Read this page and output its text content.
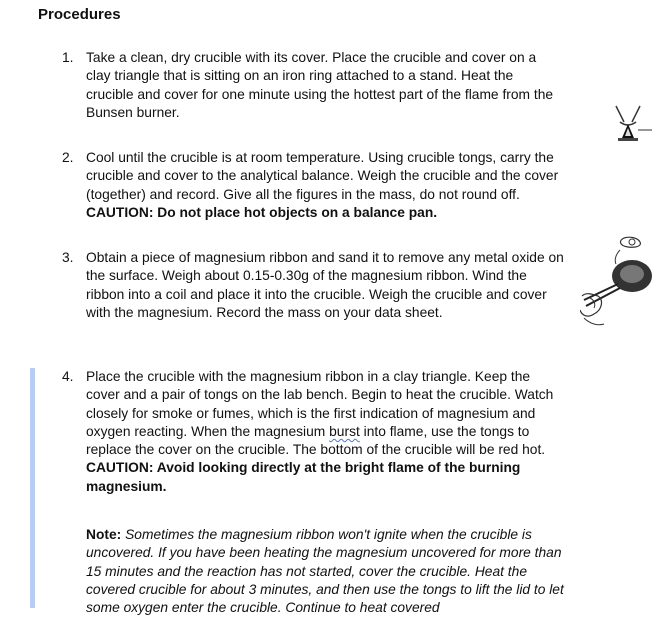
Procedures
1. Take a clean, dry crucible with its cover. Place the crucible and cover on a clay triangle that is sitting on an iron ring attached to a stand. Heat the crucible and cover for one minute using the hottest part of the flame from the Bunsen burner.
2. Cool until the crucible is at room temperature. Using crucible tongs, carry the crucible and cover to the analytical balance. Weigh the crucible and the cover (together) and record. Give all the figures in the mass, do not round off. CAUTION: Do not place hot objects on a balance pan.
3. Obtain a piece of magnesium ribbon and sand it to remove any metal oxide on the surface. Weigh about 0.15-0.30g of the magnesium ribbon. Wind the ribbon into a coil and place it into the crucible. Weigh the crucible and cover with the magnesium. Record the mass on your data sheet.
4. Place the crucible with the magnesium ribbon in a clay triangle. Keep the cover and a pair of tongs on the lab bench. Begin to heat the crucible. Watch closely for smoke or fumes, which is the first indication of magnesium and oxygen reacting. When the magnesium burst into flame, use the tongs to replace the cover on the crucible. The bottom of the crucible will be red hot. CAUTION: Avoid looking directly at the bright flame of the burning magnesium.
Note: Sometimes the magnesium ribbon won't ignite when the crucible is uncovered. If you have been heating the magnesium uncovered for more than 15 minutes and the reaction has not started, cover the crucible. Heat the covered crucible for about 3 minutes, and then use the tongs to lift the lid to let some oxygen enter the crucible. Continue to heat covered
